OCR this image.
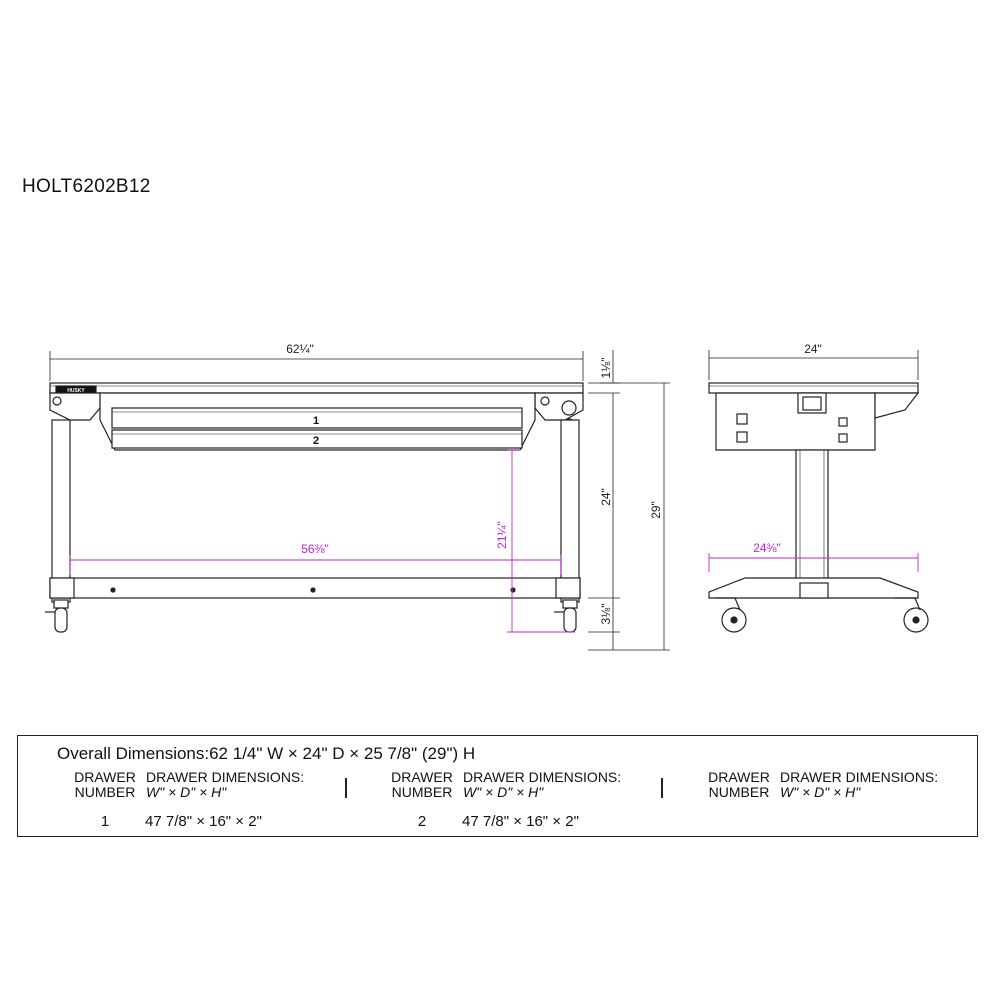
HOLT6202B12
62¼"
1⅛"
24"
29"
3⅛"
56⅜"
21¼"
1
2
24"
24⅜"
HUSKY
Overall Dimensions:62 1/4" W × 24" D × 25 7/8" (29") H
DRAWER
NUMBER
DRAWER DIMENSIONS:
W" × D" × H"
1	47 7/8" × 16" × 2"
DRAWER
NUMBER
DRAWER DIMENSIONS:
W" × D" × H"
2	47 7/8" × 16" × 2"
DRAWER
NUMBER
DRAWER DIMENSIONS:
W" × D" × H"
